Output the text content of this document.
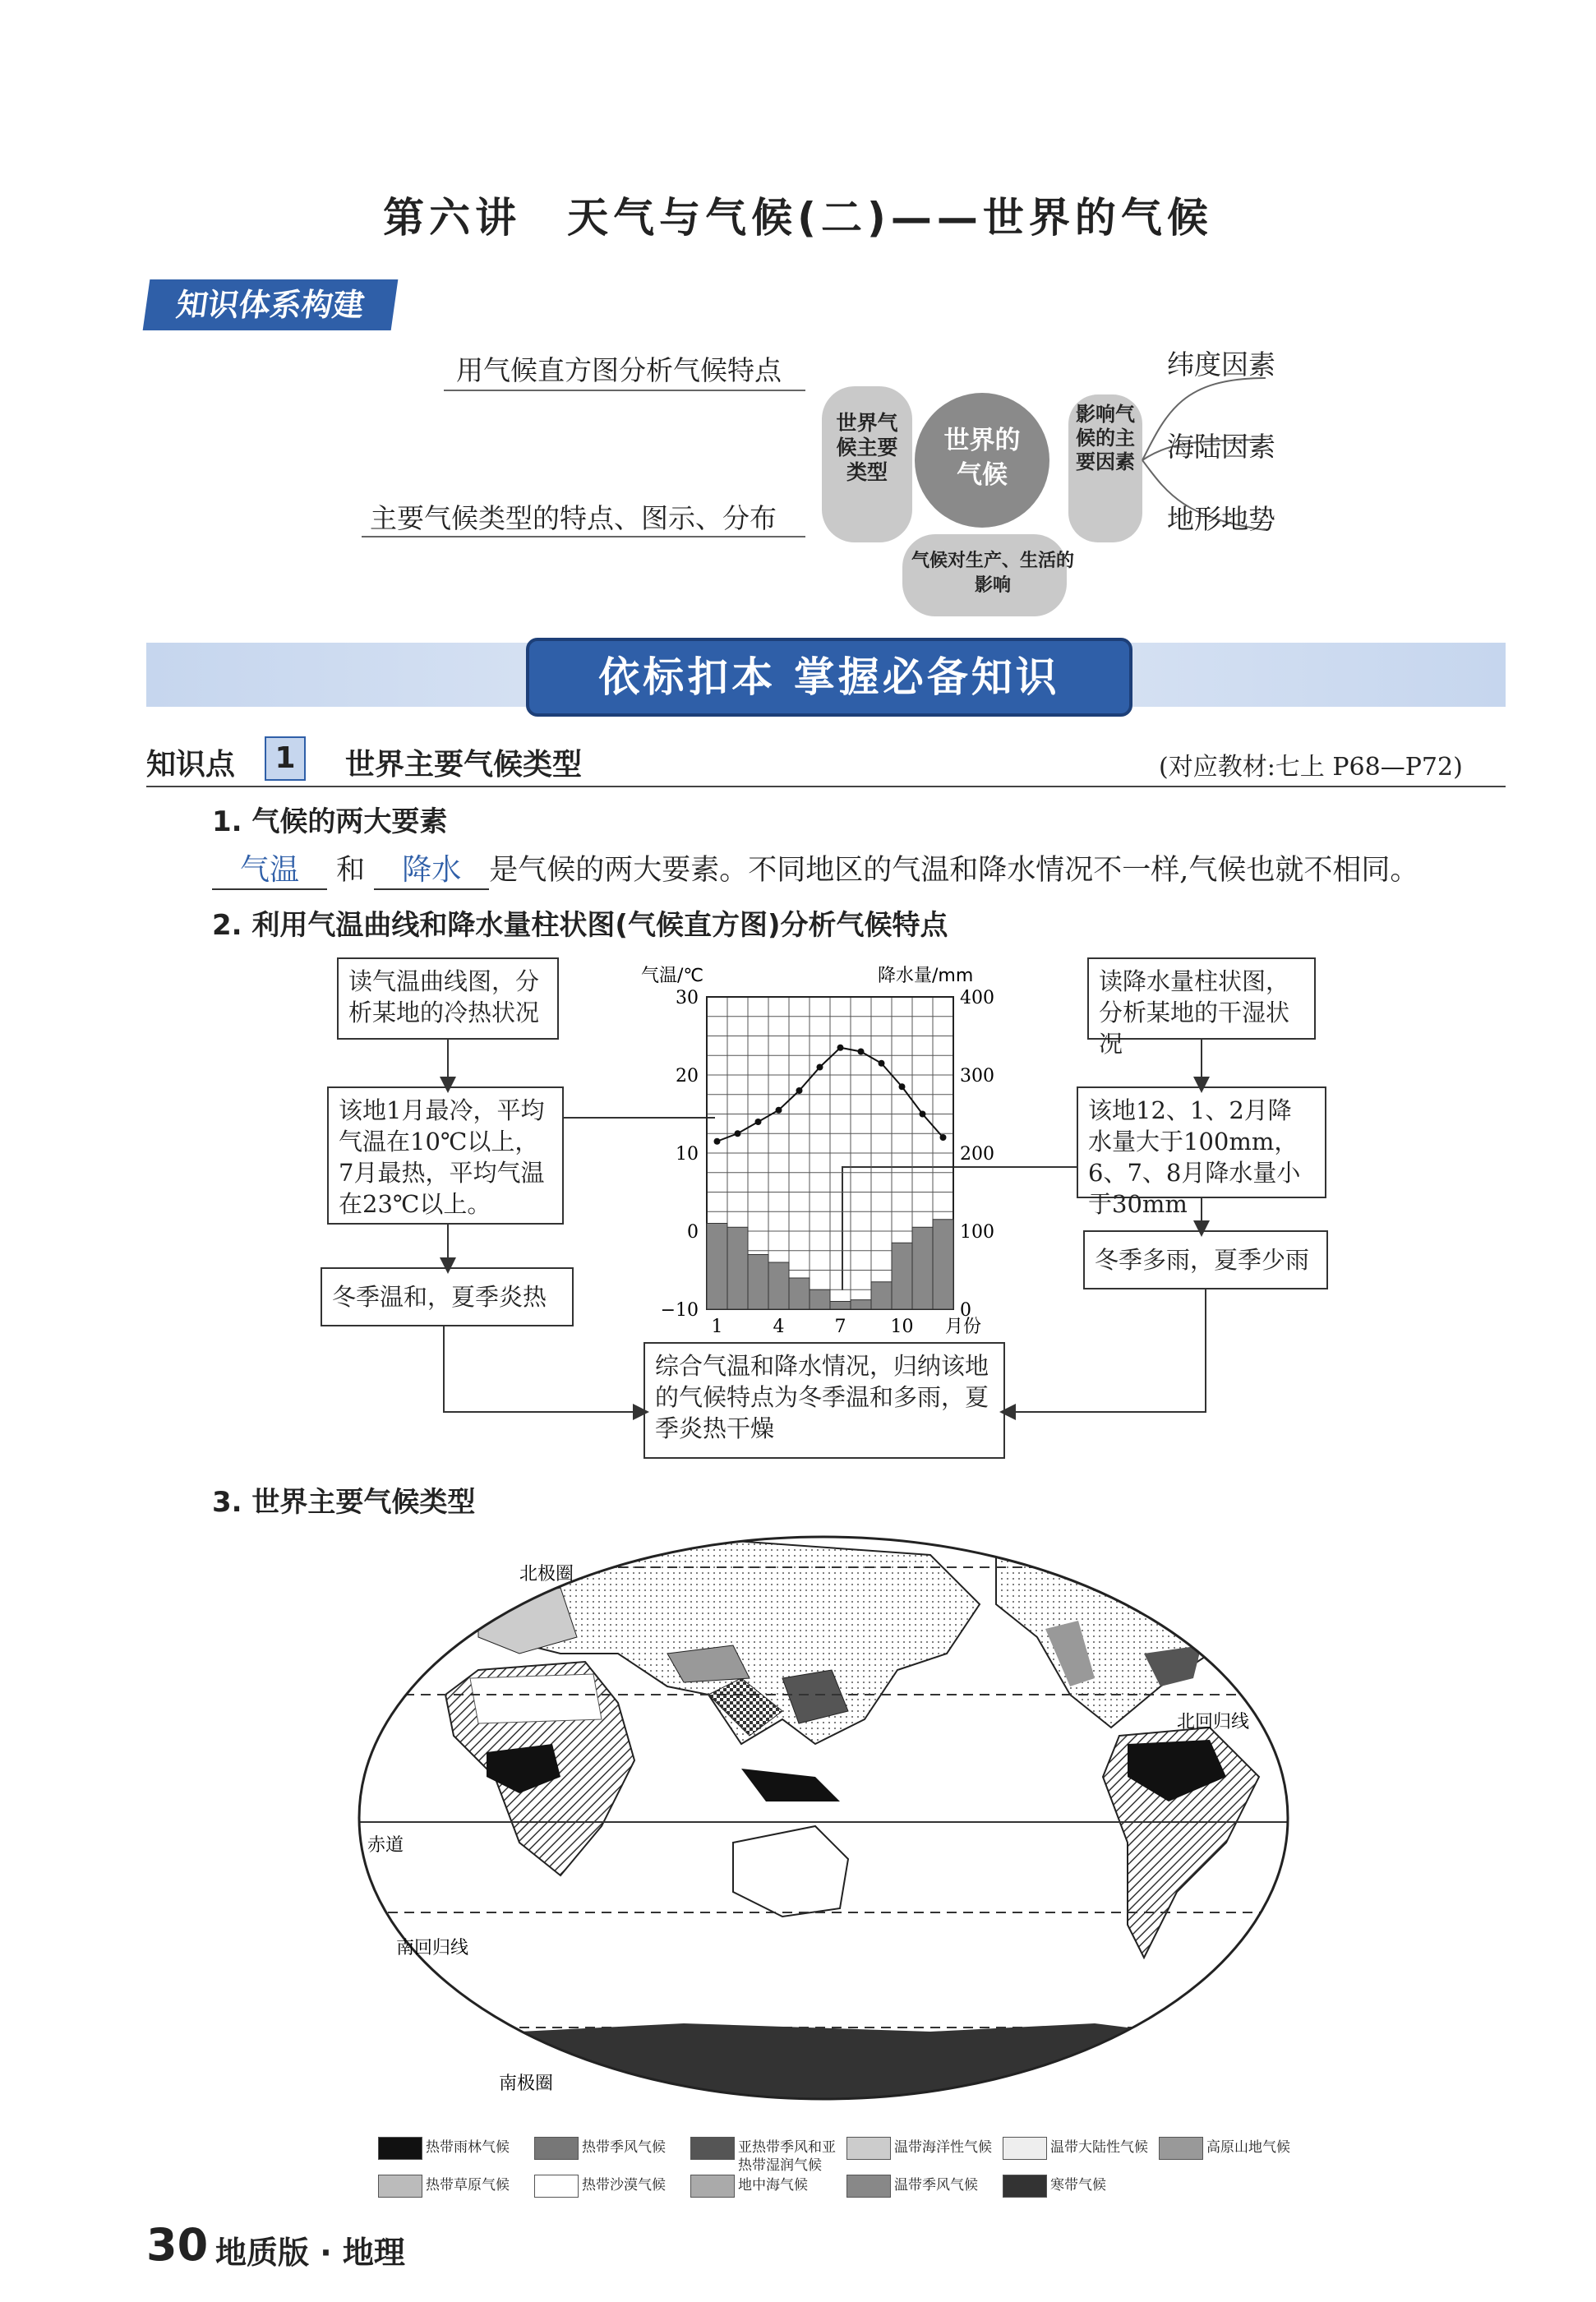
第六讲　天气与气候(二)——世界的气候
知识体系构建
用气候直方图分析气候特点
主要气候类型的特点、图示、分布
世界气候主要类型
世界的
气候
影响气候的主要因素
气候对生产、生活的影响
纬度因素
海陆因素
地形地势
依标扣本 掌握必备知识
知识点	1	世界主要气候类型	(对应教材:七上 P68—P72)
1. 气候的两大要素
气温 和 降水 是气候的两大要素。不同地区的气温和降水情况不一样,气候也就不相同。
2. 利用气温曲线和降水量柱状图(气候直方图)分析气候特点
读气温曲线图，分析某地的冷热状况
该地1月最冷，平均气温在10℃以上，7月最热，平均气温在23℃以上。
冬季温和，夏季炎热
读降水量柱状图，分析某地的干湿状况
该地12、1、2月降水量大于100mm，6、7、8月降水量小于30mm
冬季多雨，夏季少雨
综合气温和降水情况，归纳该地的气候特点为冬季温和多雨，夏季炎热干燥
气温/℃	降水量/mm
30
20
10
0
−10
400
300
200
100
0
1	4	7 10 月份
3. 世界主要气候类型
北极圈
北回归线
赤道
南回归线
南极圈
热带雨林气候	热带季风气候	亚热带季风和亚热带湿润气候
温带海洋性气候	温带大陆性气候	高原山地气候
热带草原气候	热带沙漠气候	地中海气候	温带季风气候	寒带气候
30 地质版 · 地理
